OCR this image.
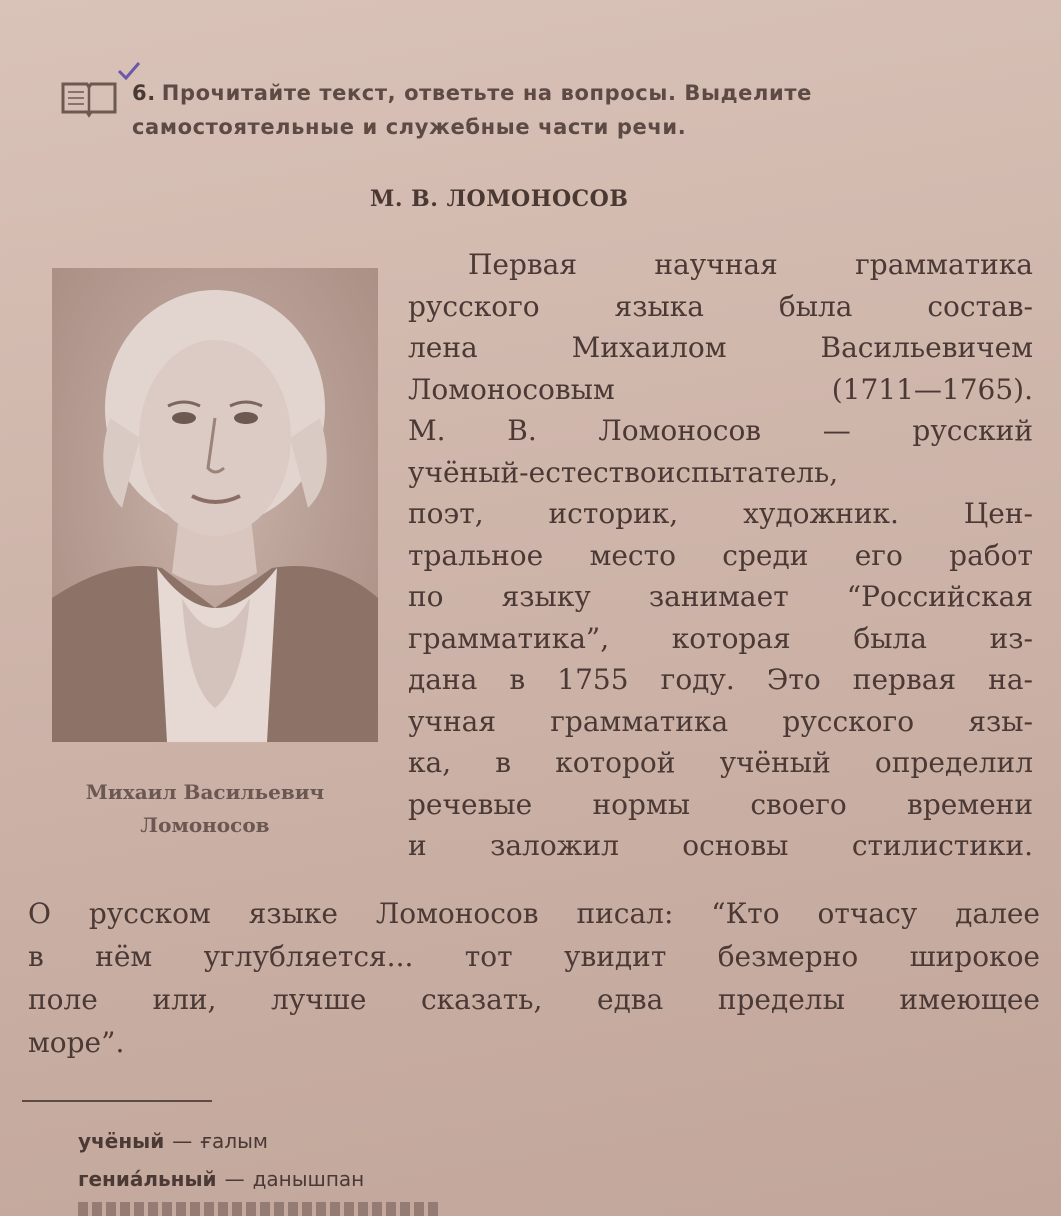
6. Прочитайте текст, ответьте на вопросы. Выделите
самостоятельные и служебные части речи.
М. В. ЛОМОНОСОВ
Михаил Васильевич
Ломоносов
Первая научная грамматика
русского языка была состав-
лена Михаилом Васильевичем
Ломоносовым (1711—1765).
М. В. Ломоносов — русский
учёный-естествоиспытатель,
поэт, историк, художник. Цен-
тральное место среди его работ
по языку занимает “Российская
грамматика”, которая была из-
дана в 1755 году. Это первая на-
учная грамматика русского язы-
ка, в которой учёный определил
речевые нормы своего времени
и заложил основы стилистики.
О русском языке Ломоносов писал: “Кто отчасу далее
в нём углубляется... тот увидит безмерно широкое
поле или, лучше сказать, едва пределы имеющее
море”.
учёный — ғалым
гениа́льный — данышпан
